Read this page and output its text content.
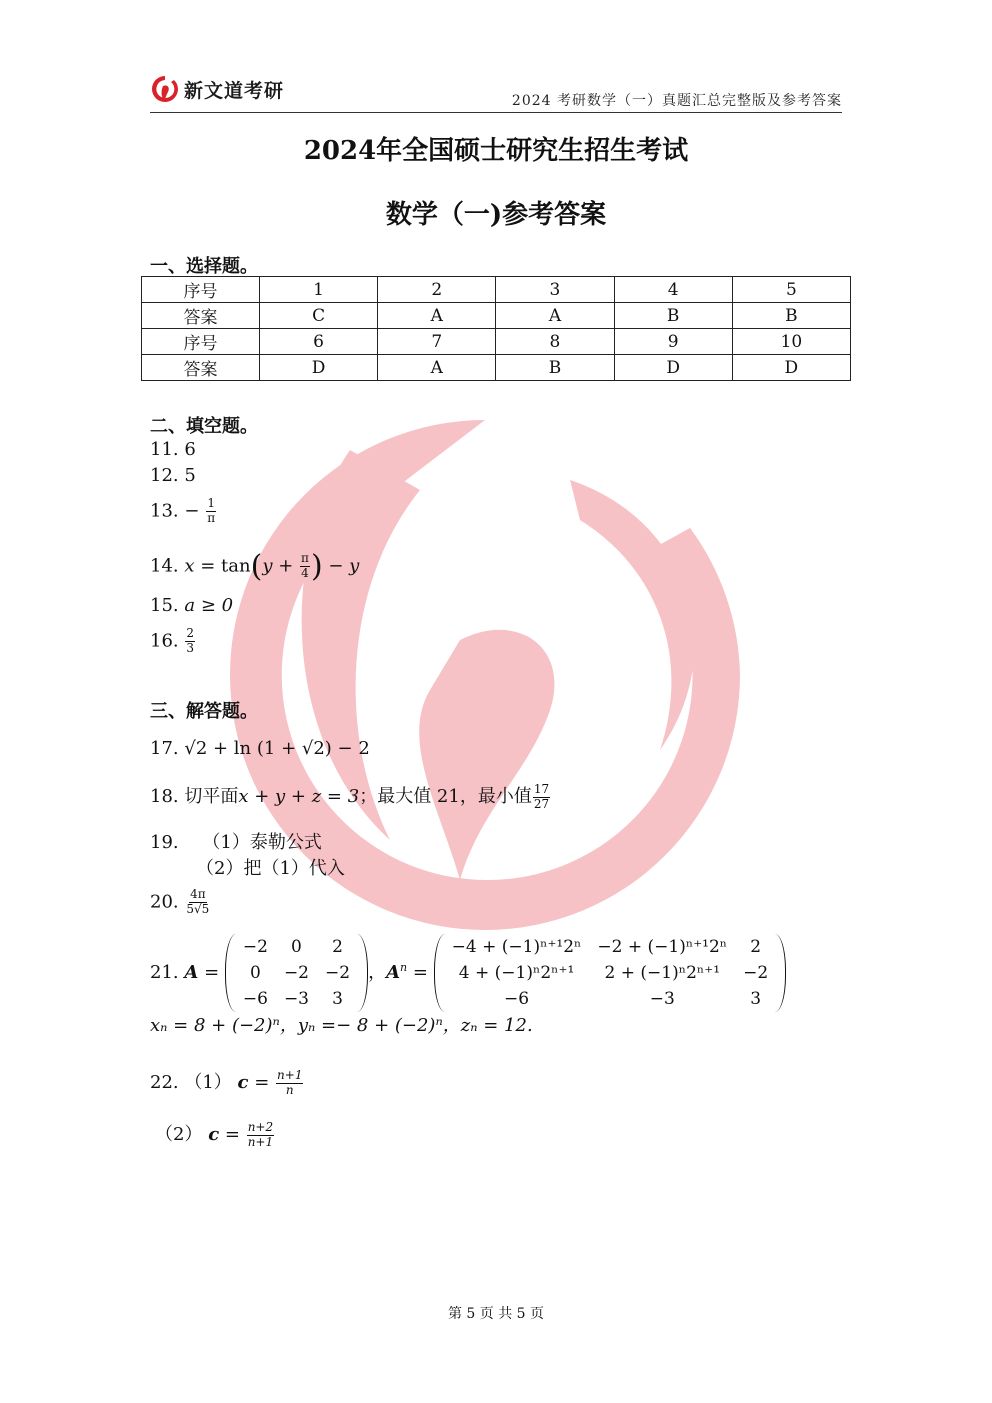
新文道考研	2024 考研数学（一）真题汇总完整版及参考答案
2024年全国硕士研究生招生考试
数学（一)参考答案
一、选择题。
序号	1	2	3	4	5
答案	C	A	A	B	B
序号	6	7	8	9	10
答案	D	A	B	D	D
二、填空题。
11. 6
12. 5
13. − $\frac{1}{\pi}$
14. $x = \tan(y + \frac{\pi}{4}$ ) − y
15. a ≥ 0
16. $\frac{2}{3}$
三、解答题。
17. √2 + ln (1 + √2) − 2
18. 切平面x + y + z = 3；最大值 21，最小值 $\frac{17}{27}$
19. （1）泰勒公式
（2）把（1）代入
20. $\frac{4\pi}{5√5}$
21. A =
−2	0	2
0	−2	−2
−6	−3	3
，$A^n$ =
−4 + (−1)ⁿ⁺¹2ⁿ	−2 + (−1)ⁿ⁺¹2ⁿ	2
4 + (−1)ⁿ2ⁿ⁺¹	2 + (−1)ⁿ2ⁿ⁺¹	−2
−6	−3	3
xₙ = 8 + (−2)ⁿ，yₙ =− 8 + (−2)ⁿ，zₙ = 12.
22. （1） $c = \frac{n+1}{n}$
（2） $c = \frac{n+2}{n+1}$
第 5 页 共 5 页
